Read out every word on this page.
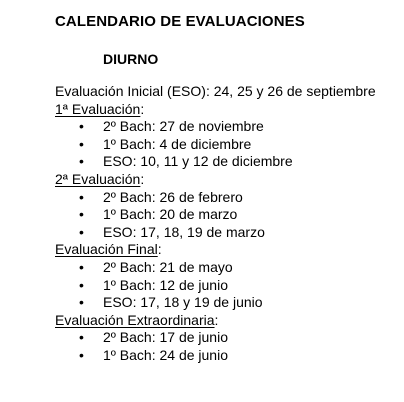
CALENDARIO DE EVALUACIONES
DIURNO
Evaluación Inicial (ESO): 24, 25 y 26 de septiembre
1ª Evaluación:
• 2º Bach: 27 de noviembre
• 1º Bach: 4 de diciembre
• ESO: 10, 11 y 12 de diciembre
2ª Evaluación:
• 2º Bach: 26 de febrero
• 1º Bach: 20 de marzo
• ESO: 17, 18, 19 de marzo
Evaluación Final:
• 2º Bach: 21 de mayo
• 1º Bach: 12 de junio
• ESO: 17, 18 y 19 de junio
Evaluación Extraordinaria:
• 2º Bach: 17 de junio
• 1º Bach: 24 de junio
